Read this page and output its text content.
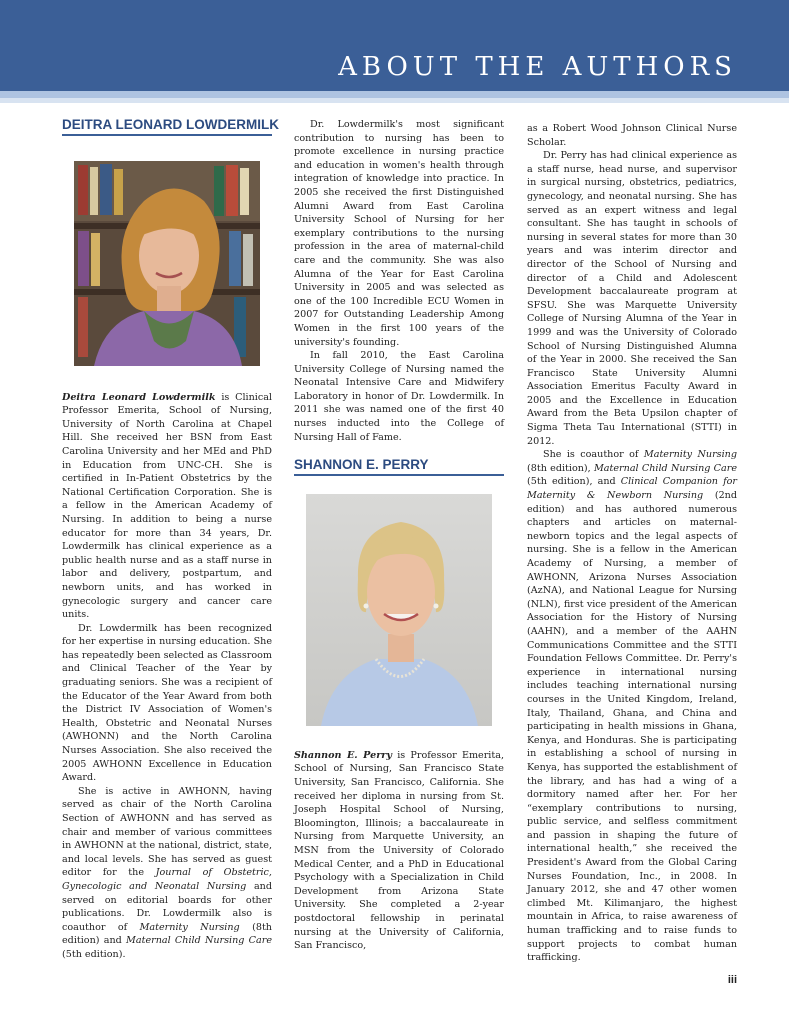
ABOUT THE AUTHORS
DEITRA LEONARD LOWDERMILK

Deitra Leonard Lowdermilk is Clinical Professor Emerita, School of Nursing, University of North Carolina at Chapel Hill. She received her BSN from East Carolina University and her MEd and PhD in Education from UNC-CH. She is certified in In-Patient Obstetrics by the National Certification Corporation. She is a fellow in the American Academy of Nursing. In addition to being a nurse educator for more than 34 years, Dr. Lowdermilk has clinical experience as a public health nurse and as a staff nurse in labor and delivery, postpartum, and newborn units, and has worked in gynecologic surgery and cancer care units.

Dr. Lowdermilk has been recognized for her expertise in nursing education. She has repeatedly been selected as Classroom and Clinical Teacher of the Year by graduating seniors. She was a recipient of the Educator of the Year Award from both the District IV Association of Women's Health, Obstetric and Neonatal Nurses (AWHONN) and the North Carolina Nurses Association. She also received the 2005 AWHONN Excellence in Education Award.

She is active in AWHONN, having served as chair of the North Carolina Section of AWHONN and has served as chair and member of various committees in AWHONN at the national, district, state, and local levels. She has served as guest editor for the Journal of Obstetric, Gynecologic and Neonatal Nursing and served on editorial boards for other publications. Dr. Lowdermilk also is coauthor of Maternity Nursing (8th edition) and Maternal Child Nursing Care (5th edition).

Dr. Lowdermilk's most significant contribution to nursing has been to promote excellence in nursing practice and education in women's health through integration of knowledge into practice. In 2005 she received the first Distinguished Alumni Award from East Carolina University School of Nursing for her exemplary contributions to the nursing profession in the area of maternal-child care and the community. She was also Alumna of the Year for East Carolina University in 2005 and was selected as one of the 100 Incredible ECU Women in 2007 for Outstanding Leadership Among Women in the first 100 years of the university's founding.

In fall 2010, the East Carolina University College of Nursing named the Neonatal Intensive Care and Midwifery Laboratory in honor of Dr. Lowdermilk. In 2011 she was named one of the first 40 nurses inducted into the College of Nursing Hall of Fame.

SHANNON E. PERRY

Shannon E. Perry is Professor Emerita, School of Nursing, San Francisco State University, San Francisco, California. She received her diploma in nursing from St. Joseph Hospital School of Nursing, Bloomington, Illinois; a baccalaureate in Nursing from Marquette University, an MSN from the University of Colorado Medical Center, and a PhD in Educational Psychology with a Specialization in Child Development from Arizona State University. She completed a 2-year postdoctoral fellowship in perinatal nursing at the University of California, San Francisco,

as a Robert Wood Johnson Clinical Nurse Scholar.

Dr. Perry has had clinical experience as a staff nurse, head nurse, and supervisor in surgical nursing, obstetrics, pediatrics, gynecology, and neonatal nursing. She has served as an expert witness and legal consultant. She has taught in schools of nursing in several states for more than 30 years and was interim director and director of the School of Nursing and director of a Child and Adolescent Development baccalaureate program at SFSU. She was Marquette University College of Nursing Alumna of the Year in 1999 and was the University of Colorado School of Nursing Distinguished Alumna of the Year in 2000. She received the San Francisco State University Alumni Association Emeritus Faculty Award in 2005 and the Excellence in Education Award from the Beta Upsilon chapter of Sigma Theta Tau International (STTI) in 2012.

She is coauthor of Maternity Nursing (8th edition), Maternal Child Nursing Care (5th edition), and Clinical Companion for Maternity & Newborn Nursing (2nd edition) and has authored numerous chapters and articles on maternal-newborn topics and the legal aspects of nursing. She is a fellow in the American Academy of Nursing, a member of AWHONN, Arizona Nurses Association (AzNA), and National League for Nursing (NLN), first vice president of the American Association for the History of Nursing (AAHN), and a member of the AAHN Communications Committee and the STTI Foundation Fellows Committee. Dr. Perry's experience in international nursing includes teaching international nursing courses in the United Kingdom, Ireland, Italy, Thailand, Ghana, and China and participating in health missions in Ghana, Kenya, and Honduras. She is participating in establishing a school of nursing in Kenya, has supported the establishment of the library, and has had a wing of a dormitory named after her. For her “exemplary contributions to nursing, public service, and selfless commitment and passion in shaping the future of international health,” she received the President's Award from the Global Caring Nurses Foundation, Inc., in 2008. In January 2012, she and 47 other women climbed Mt. Kilimanjaro, the highest mountain in Africa, to raise awareness of human trafficking and to raise funds to support projects to combat human trafficking.

iii
